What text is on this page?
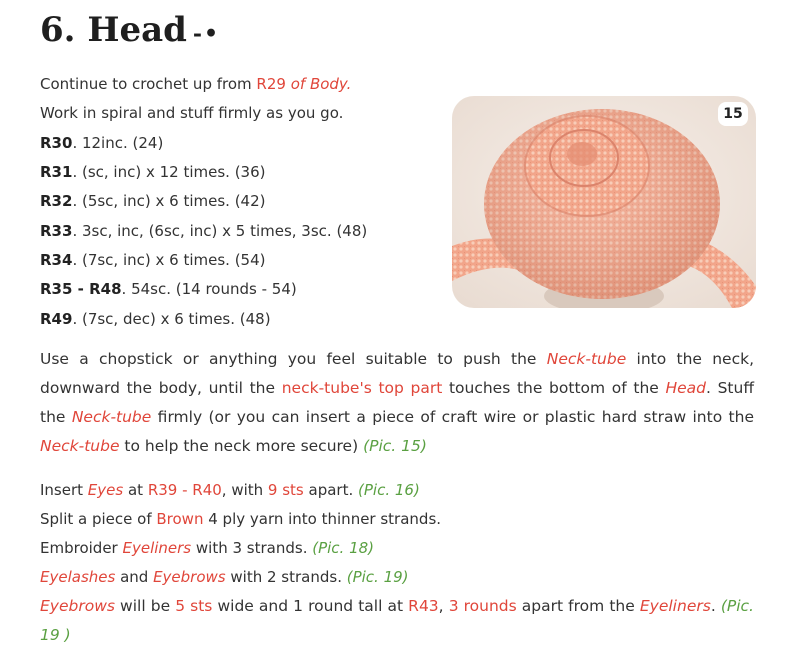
6. Head -•
Continue to crochet up from R29 of Body.
Work in spiral and stuff firmly as you go.
R30. 12inc. (24)
R31. (sc, inc) x 12 times. (36)
R32. (5sc, inc) x 6 times. (42)
R33. 3sc, inc, (6sc, inc) x 5 times, 3sc. (48)
R34. (7sc, inc) x 6 times. (54)
R35 - R48. 54sc. (14 rounds - 54)
R49. (7sc, dec) x 6 times. (48)
15
Use a chopstick or anything you feel suitable to push the Neck-tube into the neck, downward the body, until the neck-tube's top part touches the bottom of the Head. Stuff the Neck-tube firmly (or you can insert a piece of craft wire or plastic hard straw into the Neck-tube to help the neck more secure) (Pic. 15)
Insert Eyes at R39 - R40, with 9 sts apart. (Pic. 16)
Split a piece of Brown 4 ply yarn into thinner strands.
Embroider Eyeliners with 3 strands. (Pic. 18)
Eyelashes and Eyebrows with 2 strands. (Pic. 19)
Eyebrows will be 5 sts wide and 1 round tall at R43, 3 rounds apart from the Eyeliners. (Pic. 19 )
